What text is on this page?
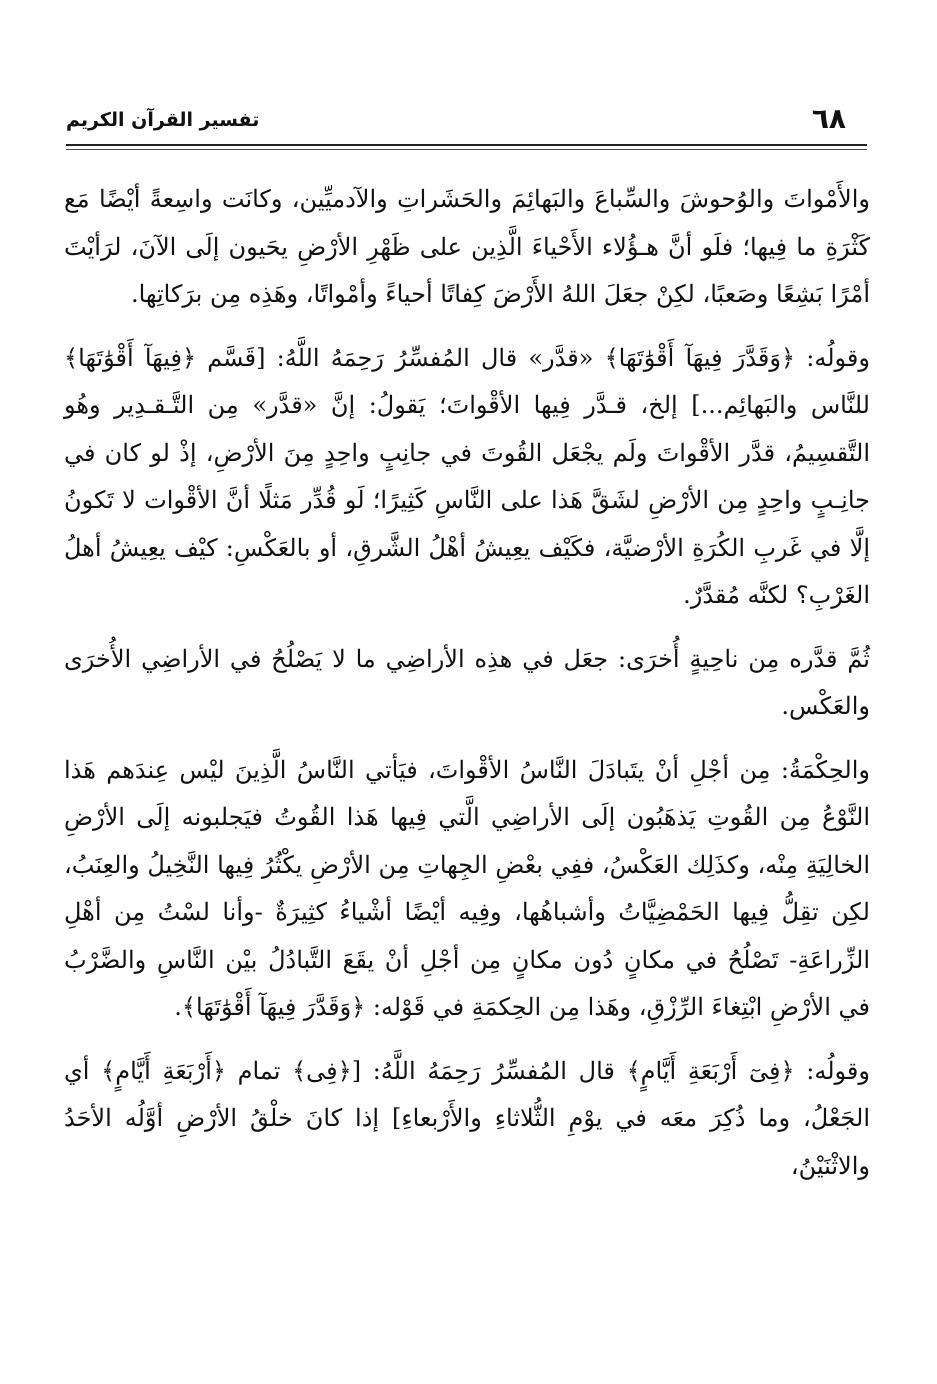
٦٨
تفسير القرآن الكريم

والأَمْواتَ والوُحوشَ والسِّباعَ والبَهائِمَ والحَشَراتِ والآدميِّين، وكانَت واسِعةً أيْضًا مَع كَثْرَةِ ما فِيها؛ فلَو أنَّ هـؤُلاء الأَحْياءَ الَّذِين على ظَهْرِ الأرْضِ يحَيون إلَى الآنَ، لرَأيْتَ أمْرًا بَشِعًا وصَعبًا، لكِنْ جعَلَ اللهُ الأَرْضَ كِفاتًا أحياءً وأمْواتًا، وهَذِه مِن برَكاتِها.

وقولُه: ﴿وَقَدَّرَ فِيهَآ أَقْوَٰتَهَا﴾ «قدَّر» قال المُفسِّرُ رَحِمَهُ اللَّهُ: [قَسَّم ﴿فِيهَآ أَقْوَٰتَهَا﴾ للنَّاس والبَهائِم...] إلخ، قـدَّر فِيها الأقْواتَ؛ يَقولُ: إنَّ «قدَّر» مِن التَّـقـدِير وهُو التَّقسِيمُ، قدَّر الأقْواتَ ولَم يجْعَل القُوتَ في جانِبٍ واحِدٍ مِنَ الأرْضِ، إذْ لو كان في جانِـبٍ واحِدٍ مِن الأرْضِ لشَقَّ هَذا على النَّاسِ كَثِيرًا؛ لَو قُدِّر مَثلًا أنَّ الأقْوات لا تَكونُ إلَّا في غَربِ الكُرَةِ الأرْضيَّة، فكَيْف يعِيشُ أهْلُ الشَّرقِ، أو بالعَكْسِ: كيْف يعِيشُ أهلُ الغَرْبِ؟ لكنَّه مُقدَّرٌ.

ثُمَّ قدَّره مِن ناحِيةٍ أُخرَى: جعَل في هذِه الأراضِي ما لا يَصْلُحُ في الأراضِي الأُخرَى والعَكْس.

والحِكْمَةُ: مِن أجْلِ أنْ يتَبادَلَ النَّاسُ الأقْواتَ، فيَأتي النَّاسُ الَّذِينَ ليْس عِندَهم هَذا النَّوْعُ مِن القُوتِ يَذهَبُون إلَى الأراضِي الَّتي فِيها هَذا القُوتُ فيَجلبونه إلَى الأرْضِ الخالِيَةِ مِنْه، وكذَلِك العَكْسُ، ففِي بعْضِ الجِهاتِ مِن الأرْضِ يكْثُرُ فِيها النَّخِيلُ والعِنَبُ، لكِن تقِلُّ فِيها الحَمْضِيَّاتُ وأشباهُها، وفِيه أيْضًا أشْياءُ كثِيرَةٌ -وأنا لسْتُ مِن أهْلِ الزِّراعَةِ- تَصْلُحُ في مكانٍ دُون مكانٍ مِن أجْلِ أنْ يقَعَ التَّبادُلُ بيْن النَّاسِ والضَّرْبُ في الأرْضِ ابْتِغاءَ الرِّزْقِ، وهَذا مِن الحِكمَةِ في قَوْله: ﴿وَقَدَّرَ فِيهَآ أَقْوَٰتَهَا﴾.

وقولُه: ﴿فِىٓ أَرْبَعَةِ أَيَّامٍ﴾ قال المُفسِّرُ رَحِمَهُ اللَّهُ: [﴿فِى﴾ تمام ﴿أَرْبَعَةِ أَيَّامٍ﴾ أي الجَعْلُ، وما ذُكِرَ معَه في يوْمِ الثُّلاثاءِ والأَرْبعاءِ] إذا كانَ خلْقُ الأرْضِ أوَّلُه الأحَدُ والاثْنَيْنُ،
